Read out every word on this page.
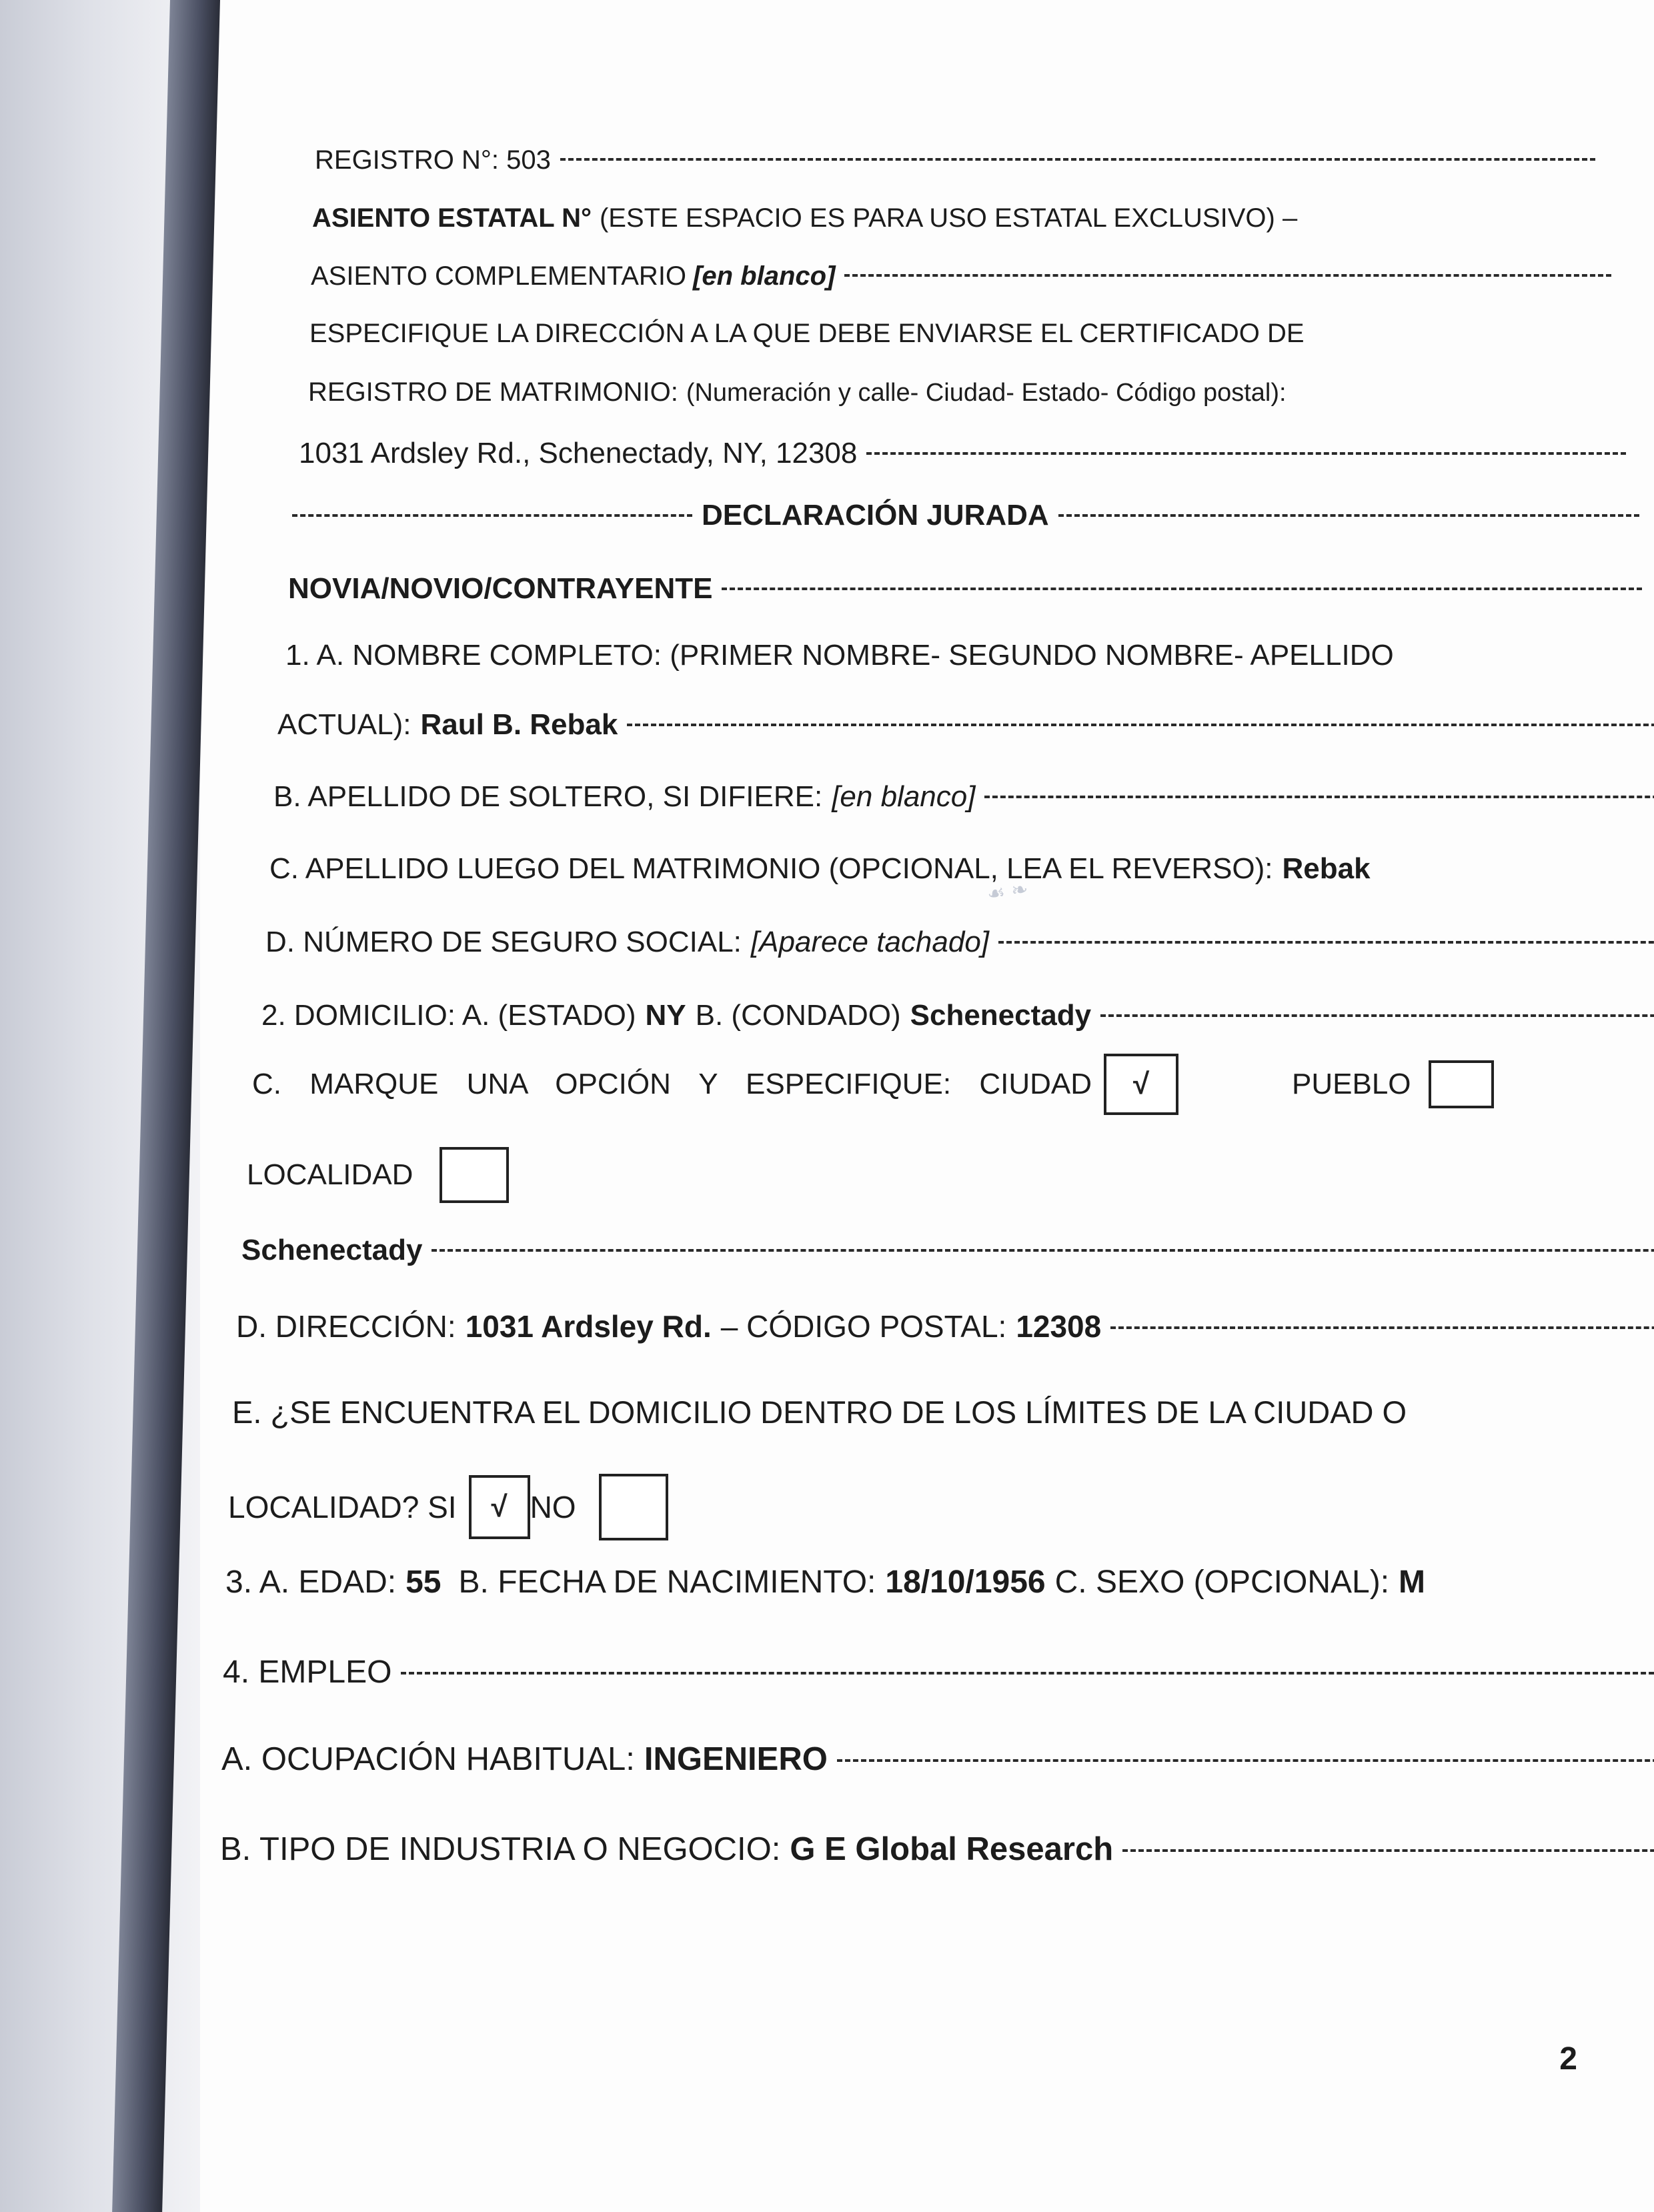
REGISTRO N°: 503
ASIENTO ESTATAL N° (ESTE ESPACIO ES PARA USO ESTATAL EXCLUSIVO) –
ASIENTO COMPLEMENTARIO [en blanco]
ESPECIFIQUE LA DIRECCIÓN A LA QUE DEBE ENVIARSE EL CERTIFICADO DE
REGISTRO DE MATRIMONIO: (Numeración y calle- Ciudad- Estado- Código postal):
1031 Ardsley Rd., Schenectady, NY, 12308
DECLARACIÓN JURADA
NOVIA/NOVIO/CONTRAYENTE
1. A. NOMBRE COMPLETO: (PRIMER NOMBRE- SEGUNDO NOMBRE- APELLIDO
ACTUAL): Raul B. Rebak
B. APELLIDO DE SOLTERO, SI DIFIERE: [en blanco]
C. APELLIDO LUEGO DEL MATRIMONIO (OPCIONAL, LEA EL REVERSO): Rebak
D. NÚMERO DE SEGURO SOCIAL: [Aparece tachado]
☙ ❧
2. DOMICILIO: A. (ESTADO) NY B. (CONDADO) Schenectady
C. MARQUE UNA OPCIÓN Y ESPECIFIQUE: CIUDAD	√	PUEBLO
LOCALIDAD
Schenectady
D. DIRECCIÓN: 1031 Ardsley Rd. – CÓDIGO POSTAL: 12308
E. ¿SE ENCUENTRA EL DOMICILIO DENTRO DE LOS LÍMITES DE LA CIUDAD O
LOCALIDAD? SI	√ NO
3. A. EDAD: 55 B. FECHA DE NACIMIENTO: 18/10/1956 C. SEXO (OPCIONAL): M
4. EMPLEO
A. OCUPACIÓN HABITUAL: INGENIERO
B. TIPO DE INDUSTRIA O NEGOCIO: G E Global Research
2
